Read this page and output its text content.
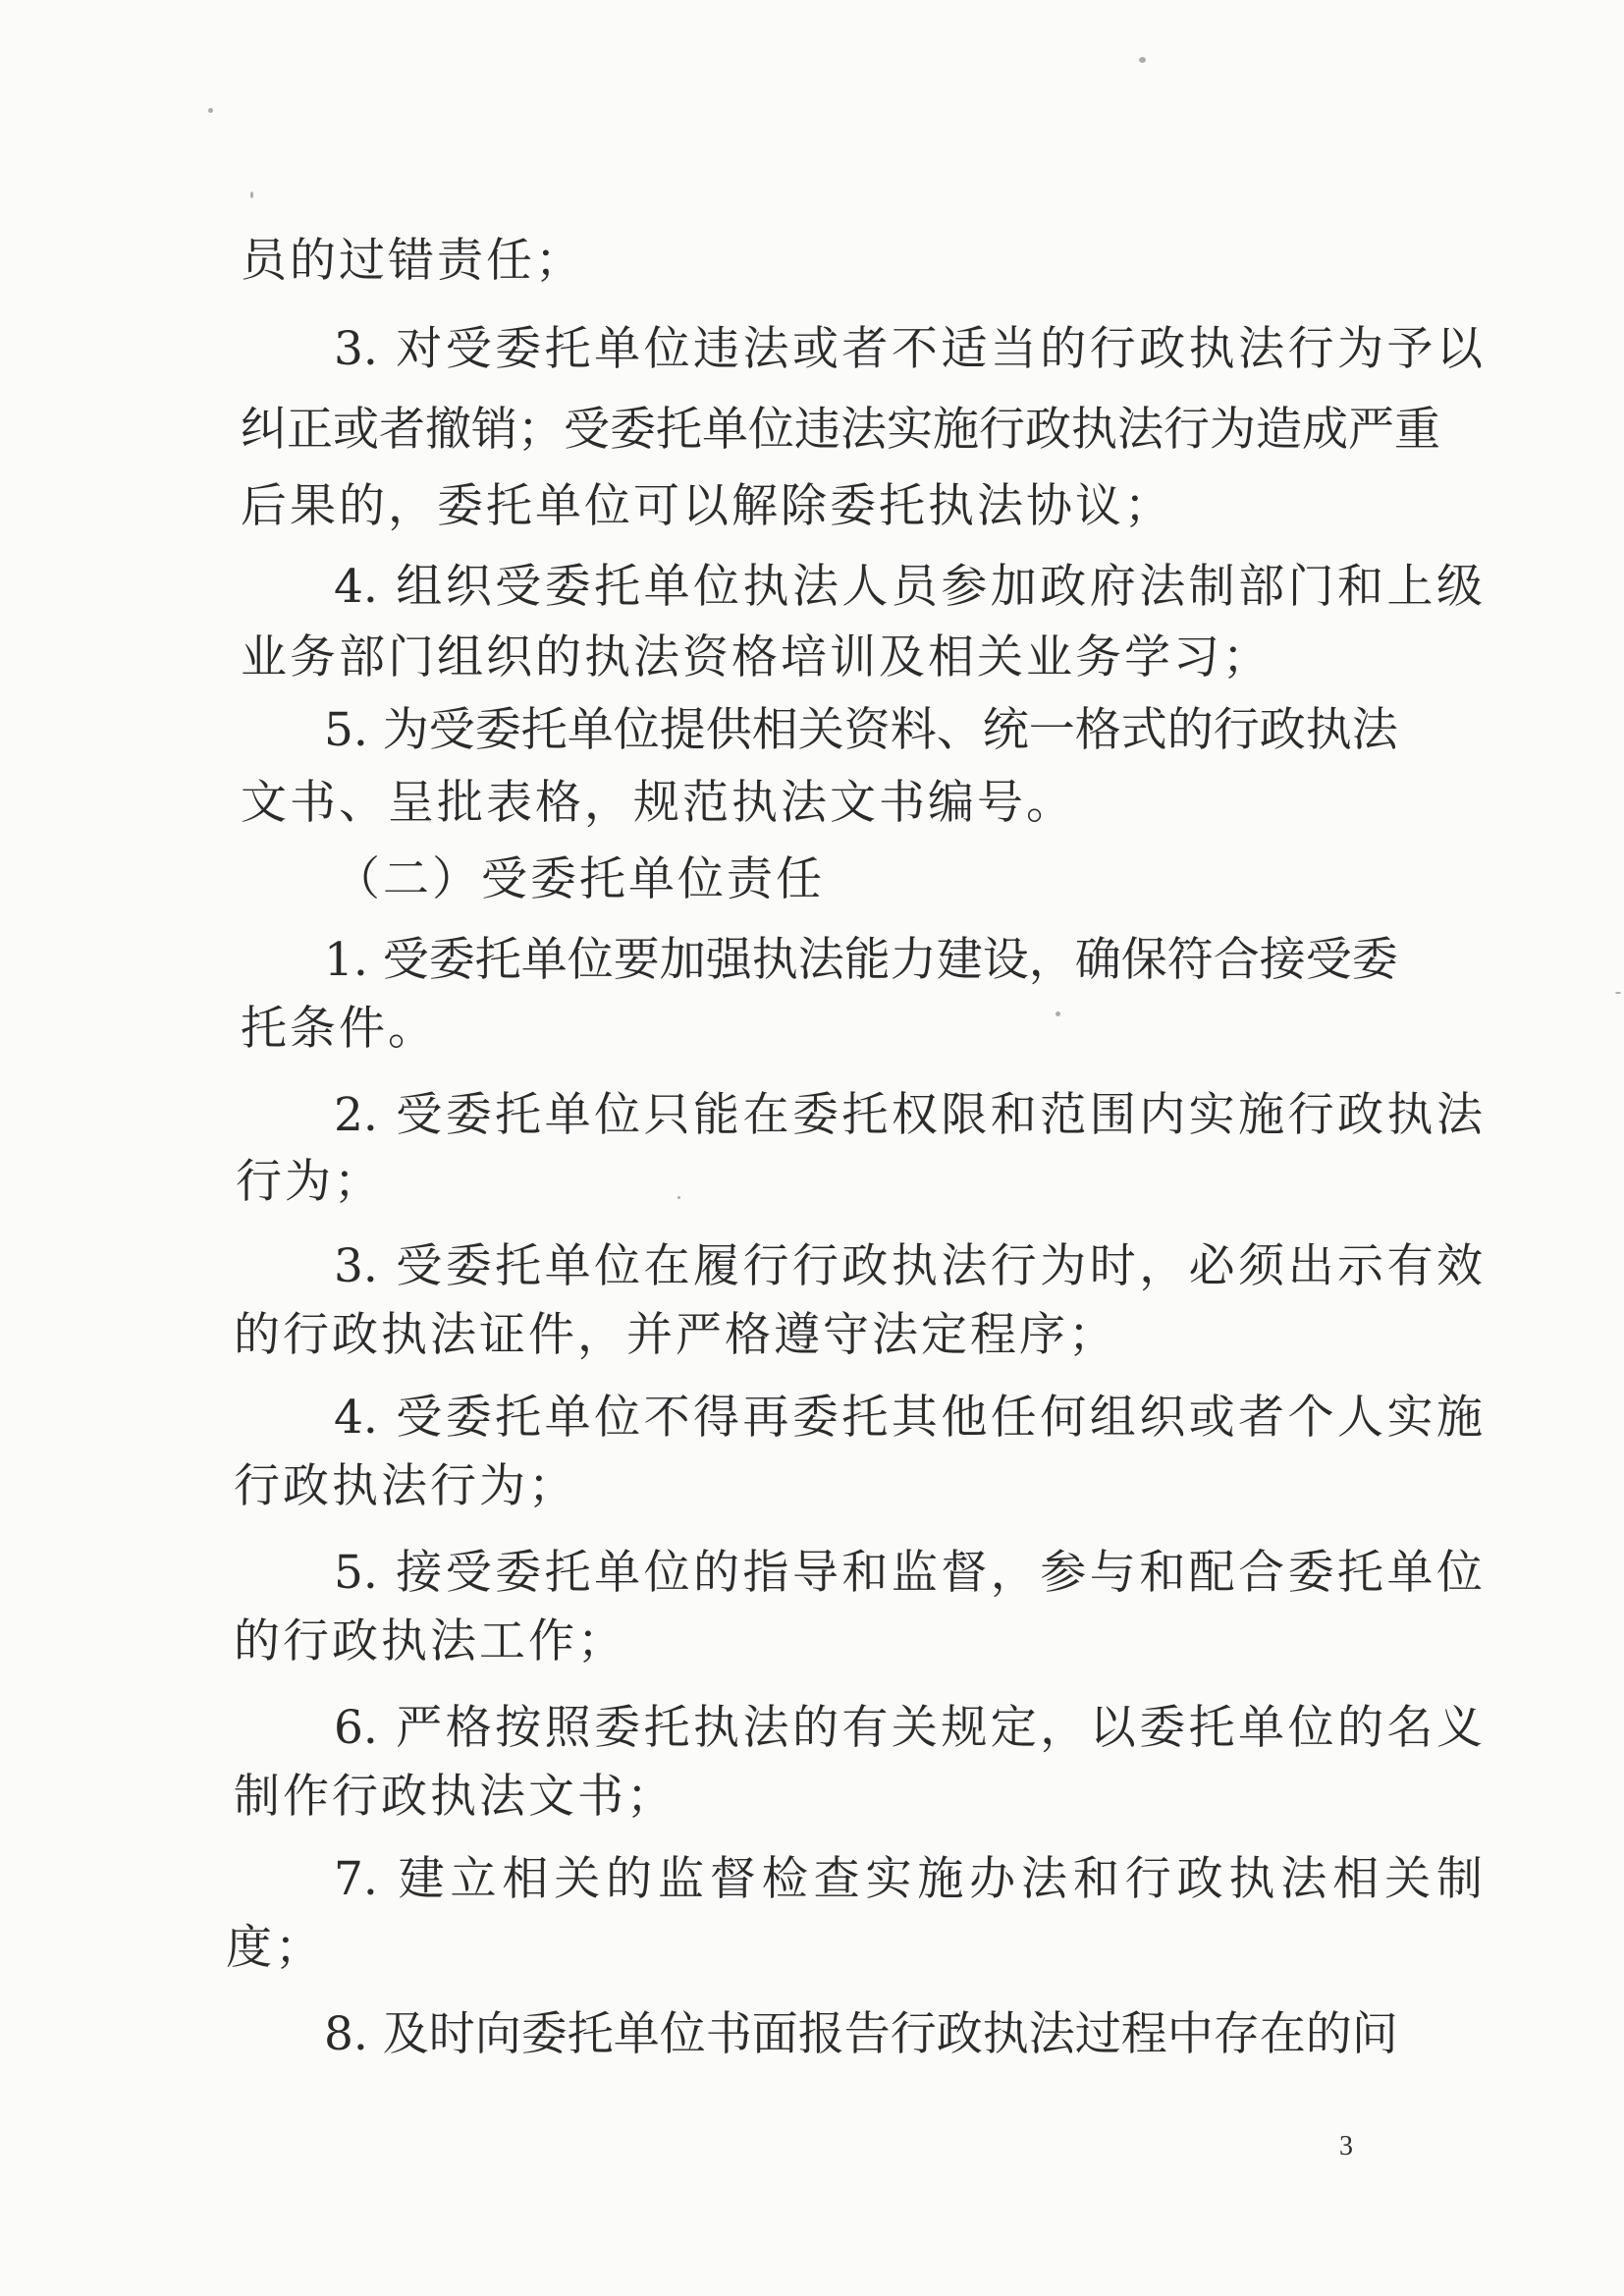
员的过错责任；
3. 对受委托单位违法或者不适当的行政执法行为予以
纠正或者撤销；受委托单位违法实施行政执法行为造成严重
后果的，委托单位可以解除委托执法协议；
4. 组织受委托单位执法人员参加政府法制部门和上级
业务部门组织的执法资格培训及相关业务学习；
5. 为受委托单位提供相关资料、统一格式的行政执法
文书、呈批表格，规范执法文书编号。
（二）受委托单位责任
1. 受委托单位要加强执法能力建设，确保符合接受委
托条件。
2. 受委托单位只能在委托权限和范围内实施行政执法
行为；
3. 受委托单位在履行行政执法行为时，必须出示有效
的行政执法证件，并严格遵守法定程序；
4. 受委托单位不得再委托其他任何组织或者个人实施
行政执法行为；
5. 接受委托单位的指导和监督，参与和配合委托单位
的行政执法工作；
6. 严格按照委托执法的有关规定，以委托单位的名义
制作行政执法文书；
7. 建立相关的监督检查实施办法和行政执法相关制
度；
8. 及时向委托单位书面报告行政执法过程中存在的问
3
